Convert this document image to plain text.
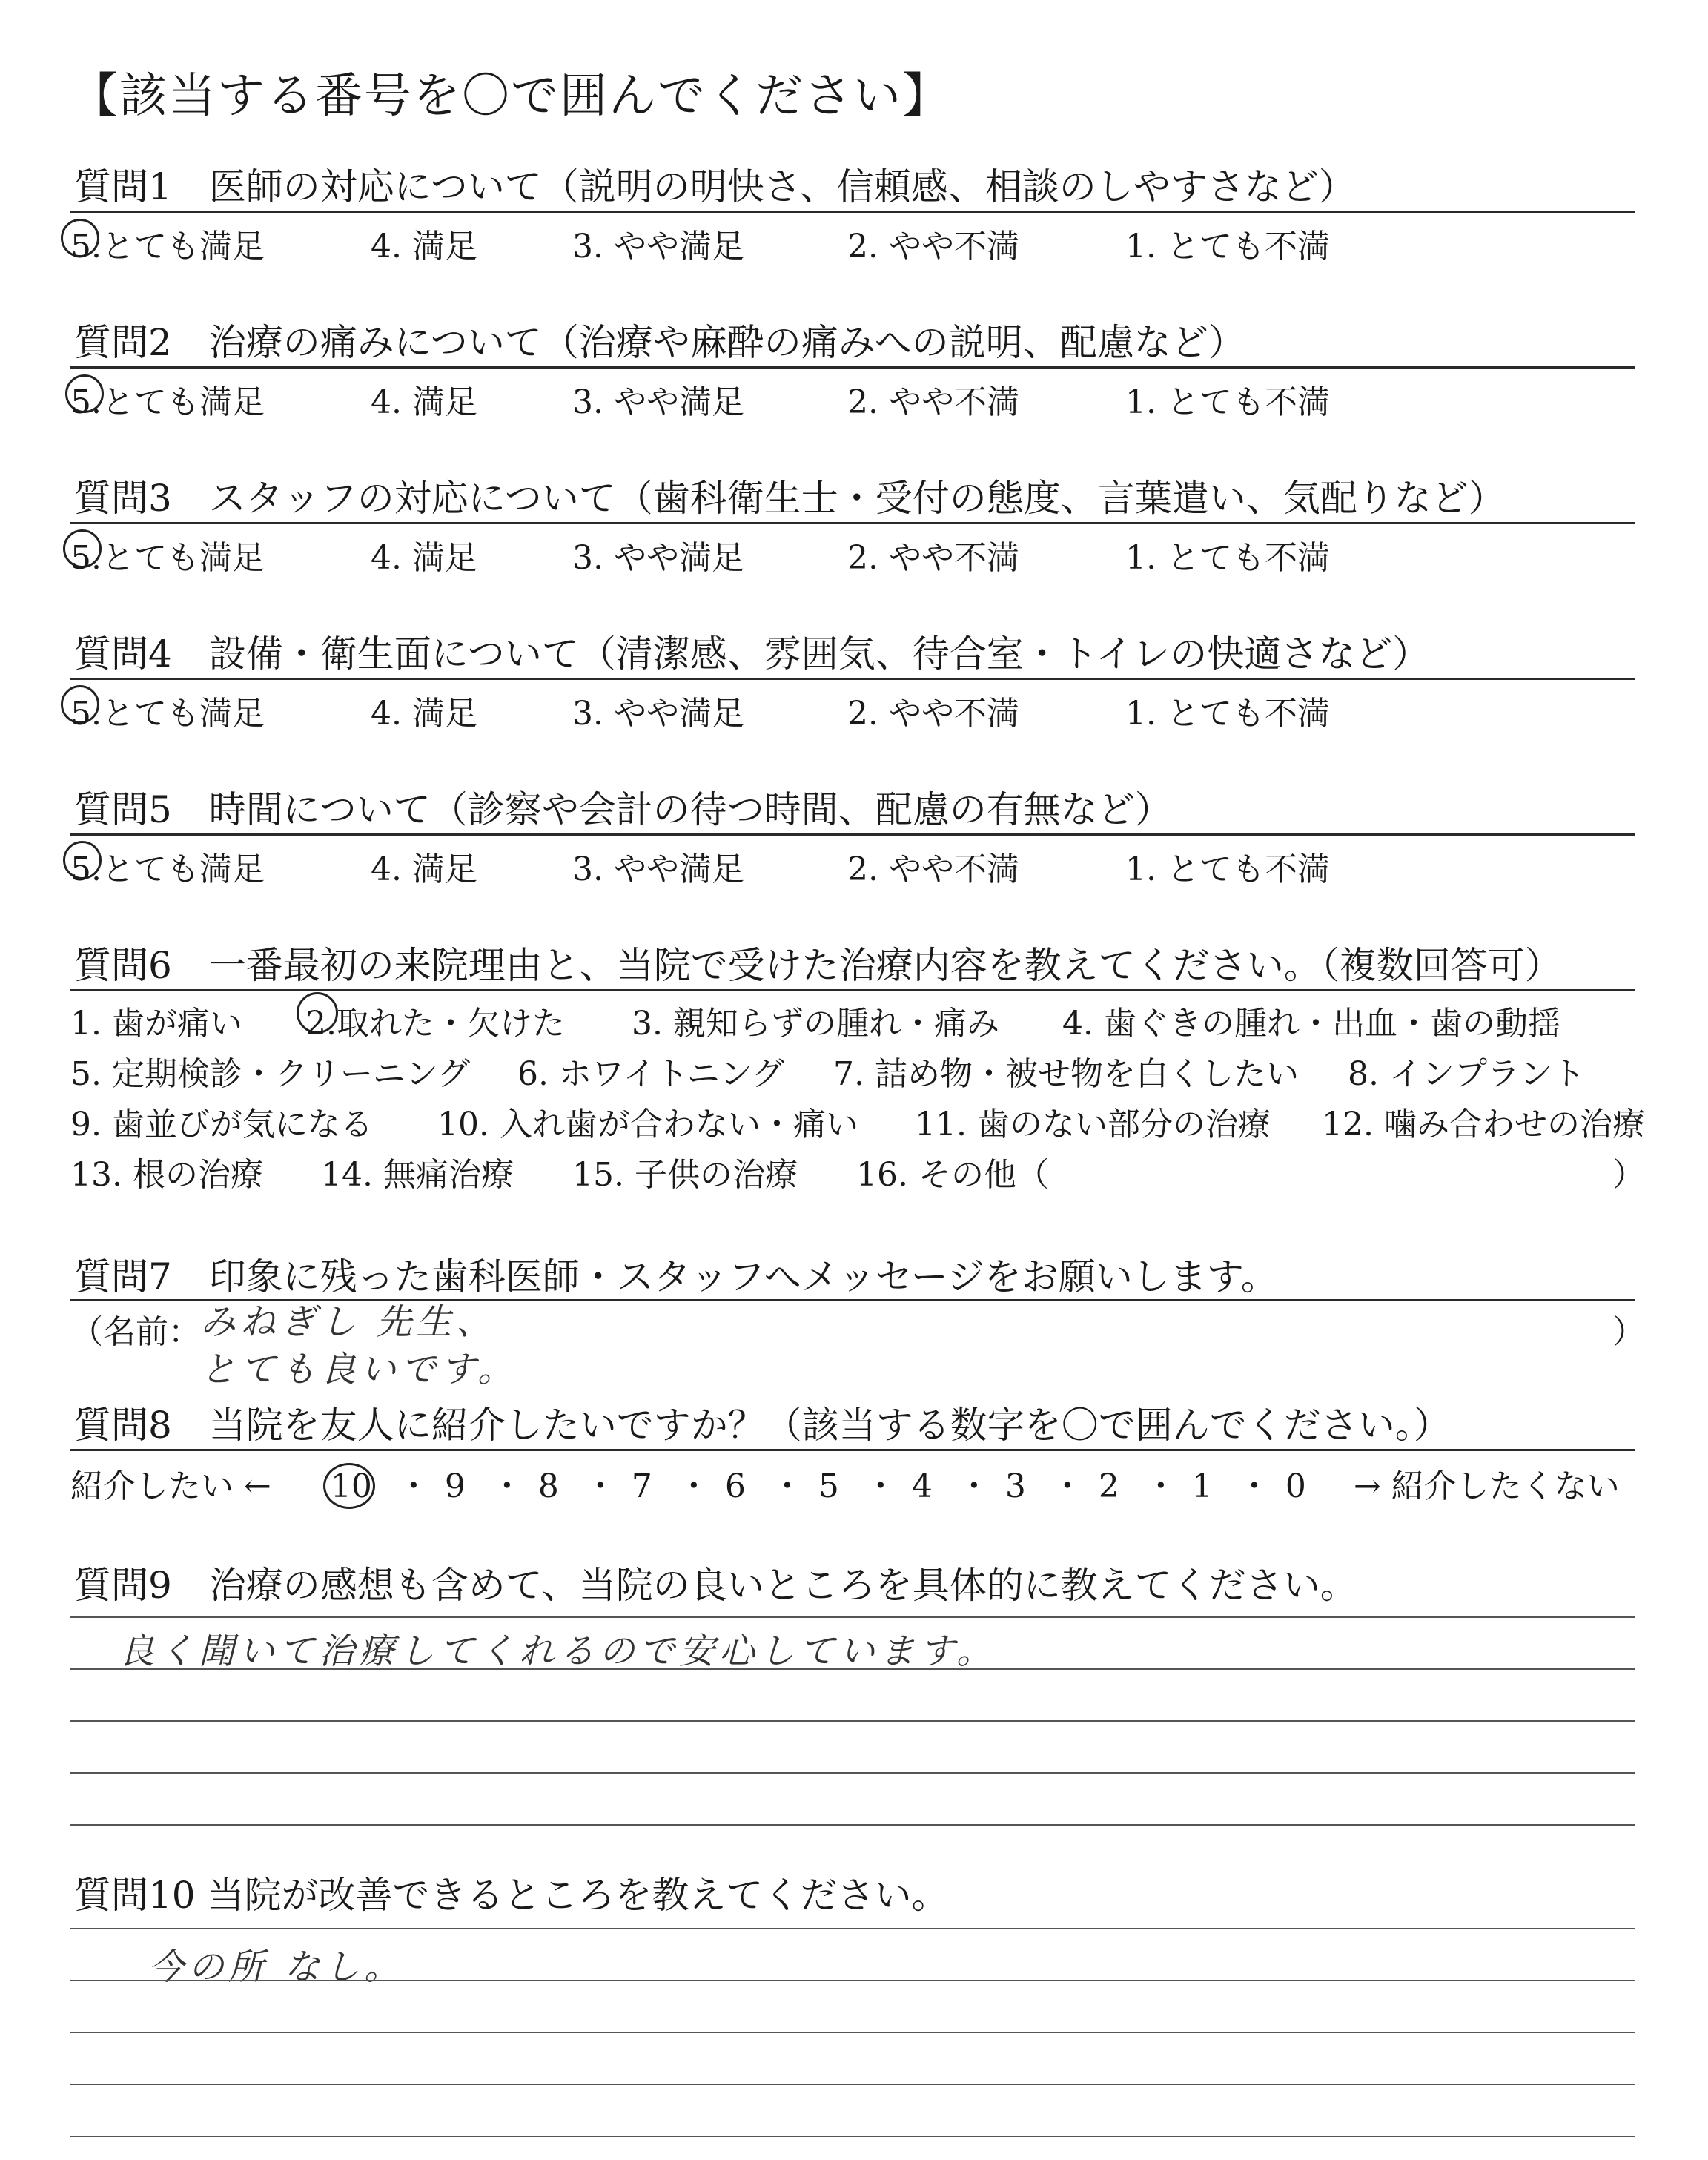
【該当する番号を〇で囲んでください】
質問1　医師の対応について（説明の明快さ、信頼感、相談のしやすさなど）
5.とても満足	4. 満足	3. やや満足	2. やや不満	1. とても不満
質問2　治療の痛みについて（治療や麻酔の痛みへの説明、配慮など）
5.とても満足	4. 満足	3. やや満足	2. やや不満	1. とても不満
質問3　スタッフの対応について（歯科衛生士・受付の態度、言葉遣い、気配りなど）
5.とても満足	4. 満足	3. やや満足	2. やや不満	1. とても不満
質問4　設備・衛生面について（清潔感、雰囲気、待合室・トイレの快適さなど）
5.とても満足	4. 満足	3. やや満足	2. やや不満	1. とても不満
質問5　時間について（診察や会計の待つ時間、配慮の有無など）
5.とても満足	4. 満足	3. やや満足	2. やや不満	1. とても不満
質問6　一番最初の来院理由と、当院で受けた治療内容を教えてください。（複数回答可）
1. 歯が痛い 2.取れた・欠けた 3. 親知らずの腫れ・痛み 4. 歯ぐきの腫れ・出血・歯の動揺
5. 定期検診・クリーニング 6. ホワイトニング 7. 詰め物・被せ物を白くしたい 8. インプラント
9. 歯並びが気になる 10. 入れ歯が合わない・痛い 11. 歯のない部分の治療 12. 噛み合わせの治療
13. 根の治療 14. 無痛治療 15. 子供の治療 16. その他（	）
質問7　印象に残った歯科医師・スタッフへメッセージをお願いします。
（名前： みねぎし 先生、	）
とても良いです。
質問8　当院を友人に紹介したいですか？（該当する数字を〇で囲んでください。）
紹介したい ← 10 ・ 9 ・ 8 ・ 7 ・ 6 ・ 5 ・ 4 ・ 3 ・ 2 ・ 1 ・ 0 → 紹介したくない
質問9　治療の感想も含めて、当院の良いところを具体的に教えてください。
良く聞いて治療してくれるので安心しています。
質問10 当院が改善できるところを教えてください。
今の所 なし。
